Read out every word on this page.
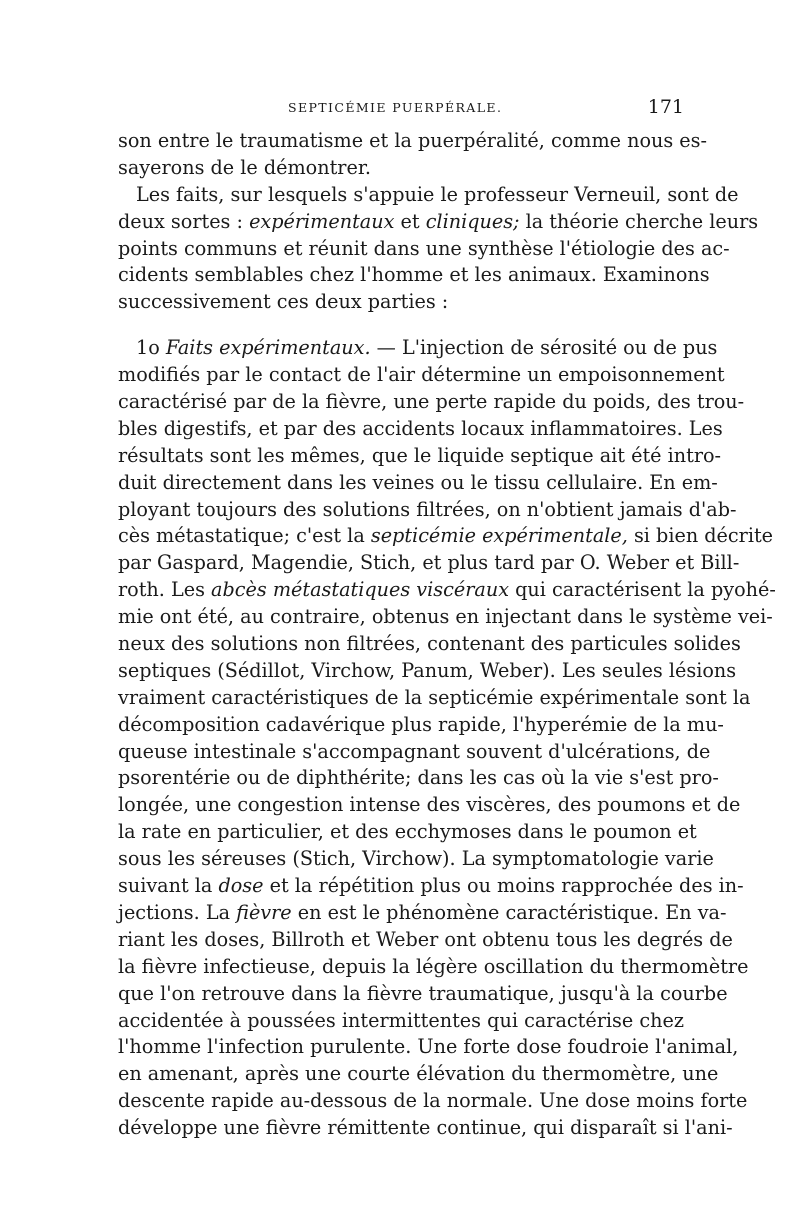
SEPTICÉMIE PUERPÉRALE.	171

son entre le traumatisme et la puerpéralité, comme nous es-
sayerons de le démontrer.

Les faits, sur lesquels s'appuie le professeur Verneuil, sont de
deux sortes : expérimentaux et cliniques; la théorie cherche leurs
points communs et réunit dans une synthèse l'étiologie des ac-
cidents semblables chez l'homme et les animaux. Examinons
successivement ces deux parties :

1o Faits expérimentaux. — L'injection de sérosité ou de pus
modifiés par le contact de l'air détermine un empoisonnement
caractérisé par de la fièvre, une perte rapide du poids, des trou-
bles digestifs, et par des accidents locaux inflammatoires. Les
résultats sont les mêmes, que le liquide septique ait été intro-
duit directement dans les veines ou le tissu cellulaire. En em-
ployant toujours des solutions filtrées, on n'obtient jamais d'ab-
cès métastatique; c'est la septicémie expérimentale, si bien décrite
par Gaspard, Magendie, Stich, et plus tard par O. Weber et Bill-
roth. Les abcès métastatiques viscéraux qui caractérisent la pyohé-
mie ont été, au contraire, obtenus en injectant dans le système vei-
neux des solutions non filtrées, contenant des particules solides
septiques (Sédillot, Virchow, Panum, Weber). Les seules lésions
vraiment caractéristiques de la septicémie expérimentale sont la
décomposition cadavérique plus rapide, l'hyperémie de la mu-
queuse intestinale s'accompagnant souvent d'ulcérations, de
psorentérie ou de diphthérite; dans les cas où la vie s'est pro-
longée, une congestion intense des viscères, des poumons et de
la rate en particulier, et des ecchymoses dans le poumon et
sous les séreuses (Stich, Virchow). La symptomatologie varie
suivant la dose et la répétition plus ou moins rapprochée des in-
jections. La fièvre en est le phénomène caractéristique. En va-
riant les doses, Billroth et Weber ont obtenu tous les degrés de
la fièvre infectieuse, depuis la légère oscillation du thermomètre
que l'on retrouve dans la fièvre traumatique, jusqu'à la courbe
accidentée à poussées intermittentes qui caractérise chez
l'homme l'infection purulente. Une forte dose foudroie l'animal,
en amenant, après une courte élévation du thermomètre, une
descente rapide au-dessous de la normale. Une dose moins forte
développe une fièvre rémittente continue, qui disparaît si l'ani-
